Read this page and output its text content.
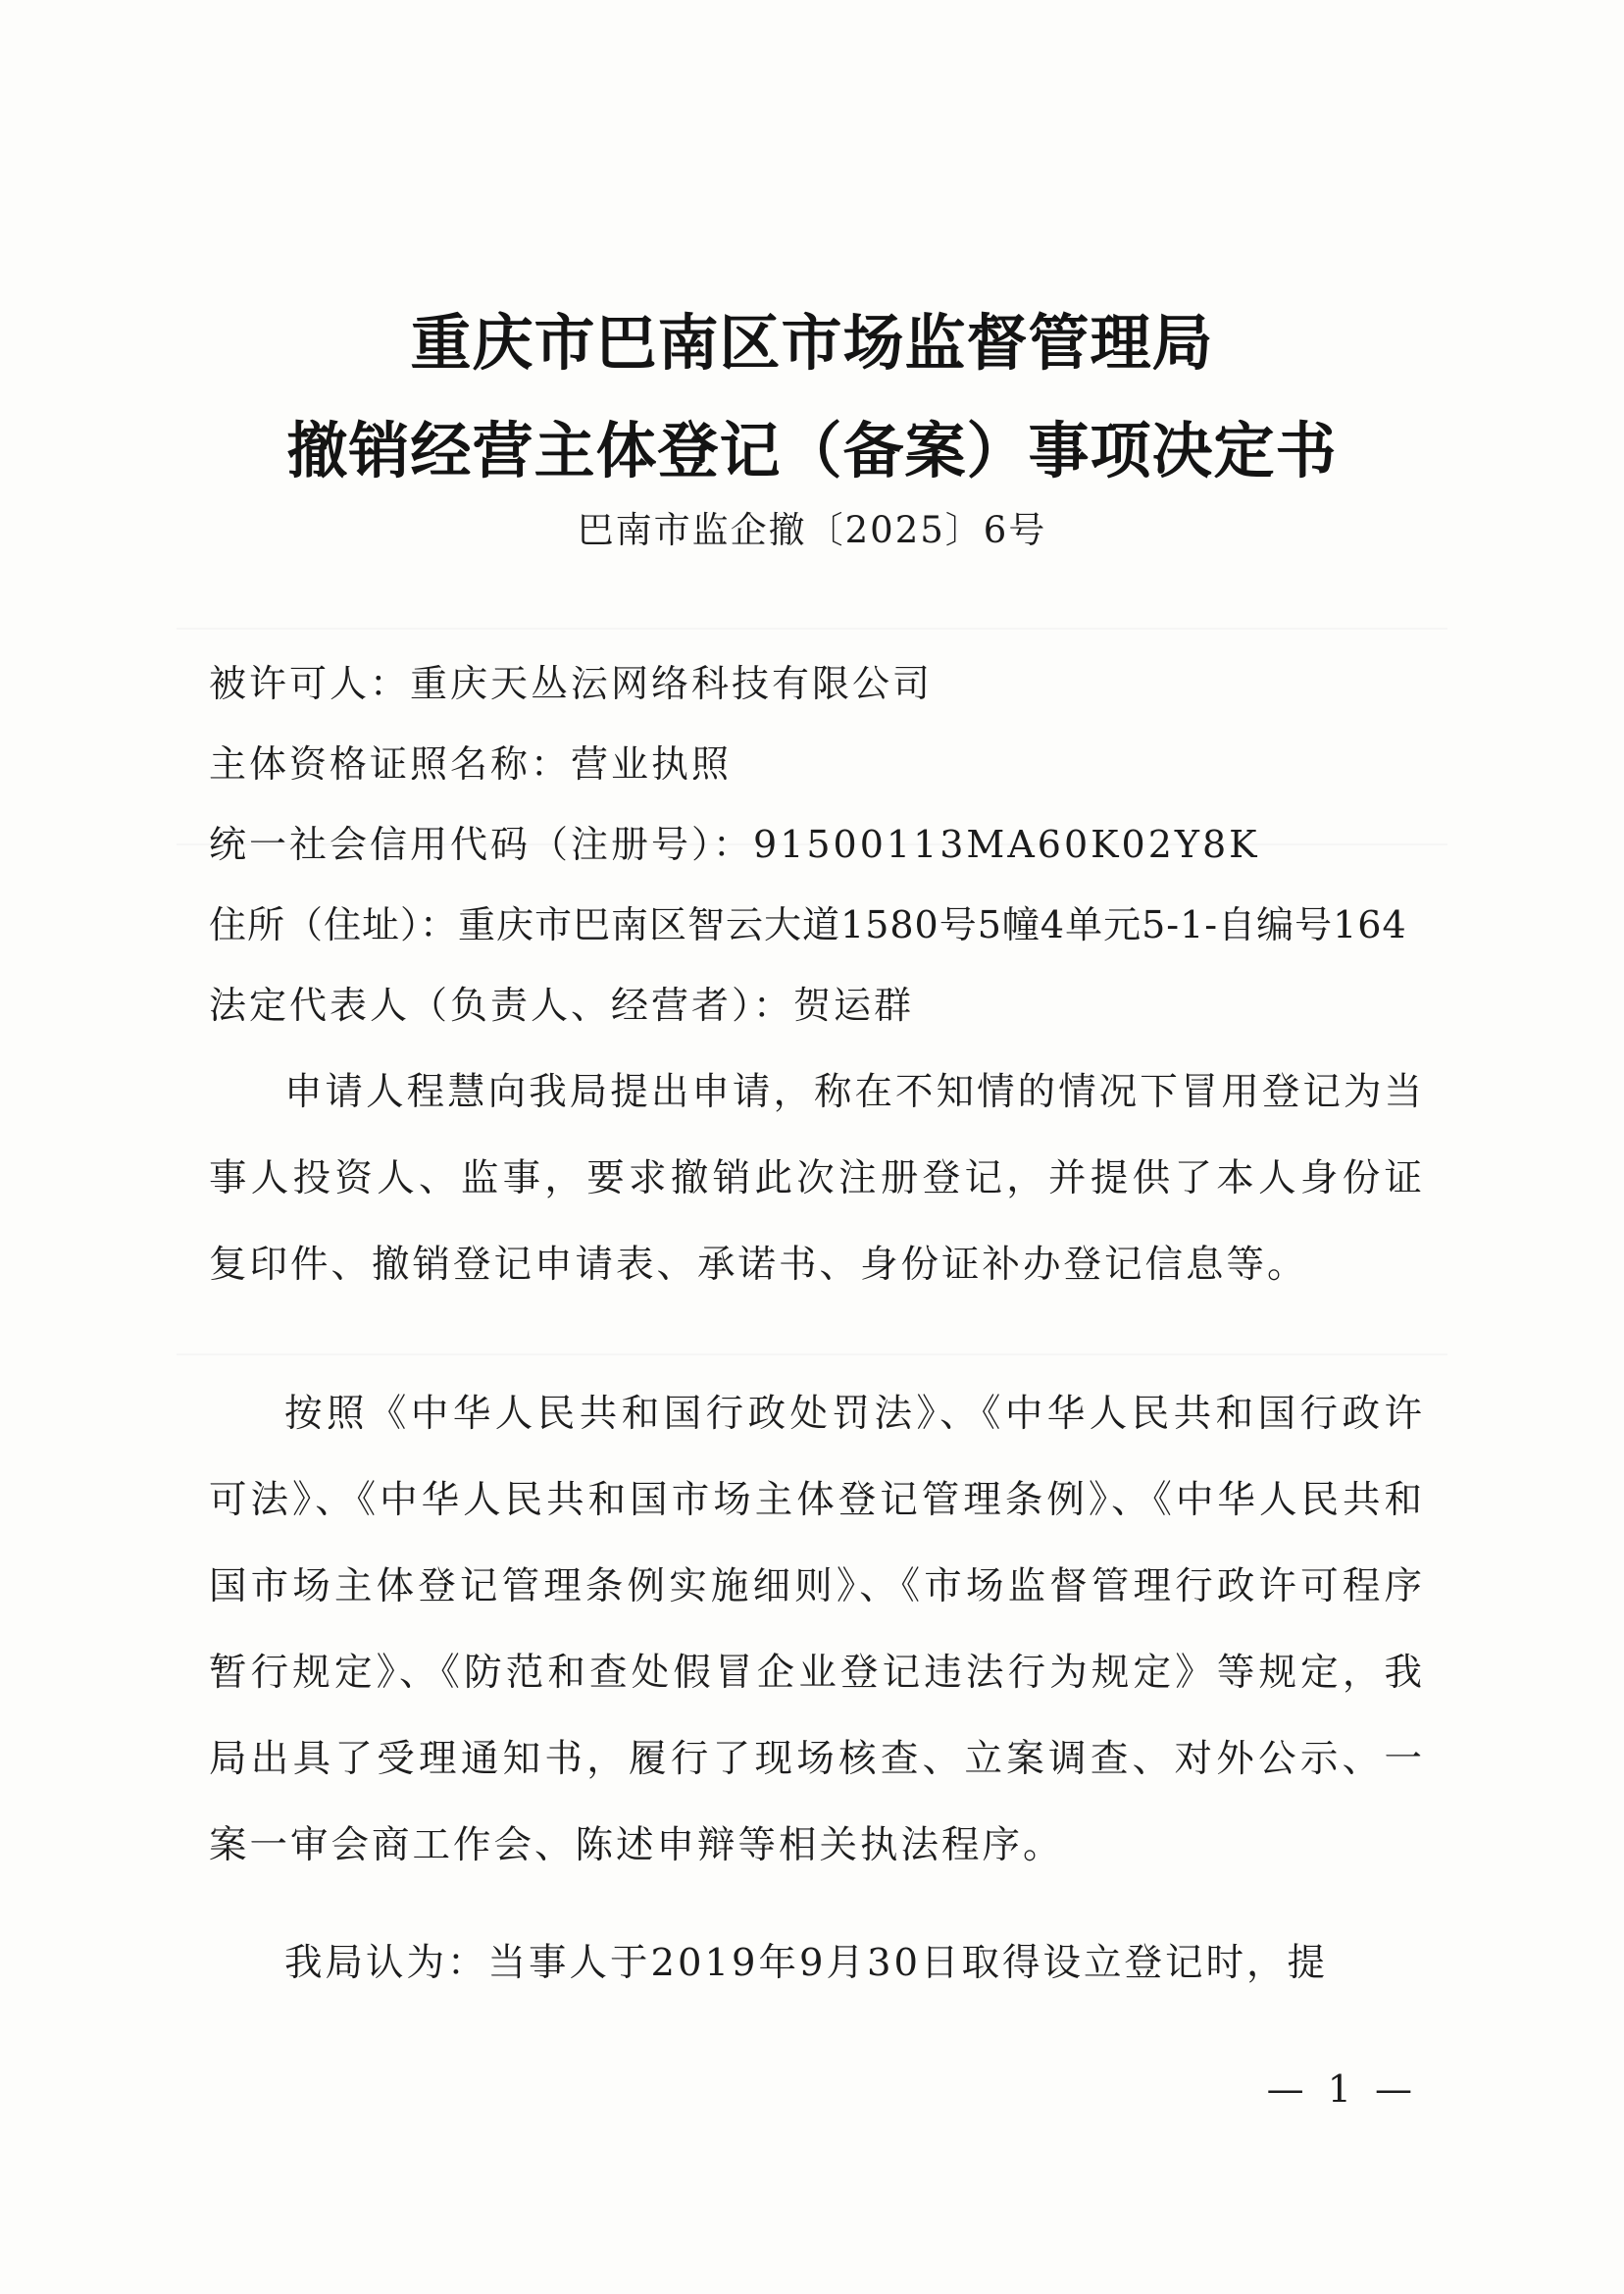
重庆市巴南区市场监督管理局
撤销经营主体登记（备案）事项决定书
巴南市监企撤〔2025〕6号
被许可人：重庆天丛沄网络科技有限公司
主体资格证照名称：营业执照
统一社会信用代码（注册号）：91500113MA60K02Y8K
住所（住址）：重庆市巴南区智云大道1580号5幢4单元5-1-自编号164
法定代表人（负责人、经营者）：贺运群

申请人程慧向我局提出申请，称在不知情的情况下冒用登记为当事人投资人、监事，要求撤销此次注册登记，并提供了本人身份证复印件、撤销登记申请表、承诺书、身份证补办登记信息等。

按照《中华人民共和国行政处罚法》、《中华人民共和国行政许可法》、《中华人民共和国市场主体登记管理条例》、《中华人民共和国市场主体登记管理条例实施细则》、《市场监督管理行政许可程序暂行规定》、《防范和查处假冒企业登记违法行为规定》等规定，我局出具了受理通知书，履行了现场核查、立案调查、对外公示、一案一审会商工作会、陈述申辩等相关执法程序。

我局认为：当事人于2019年9月30日取得设立登记时，提

— 1 —
